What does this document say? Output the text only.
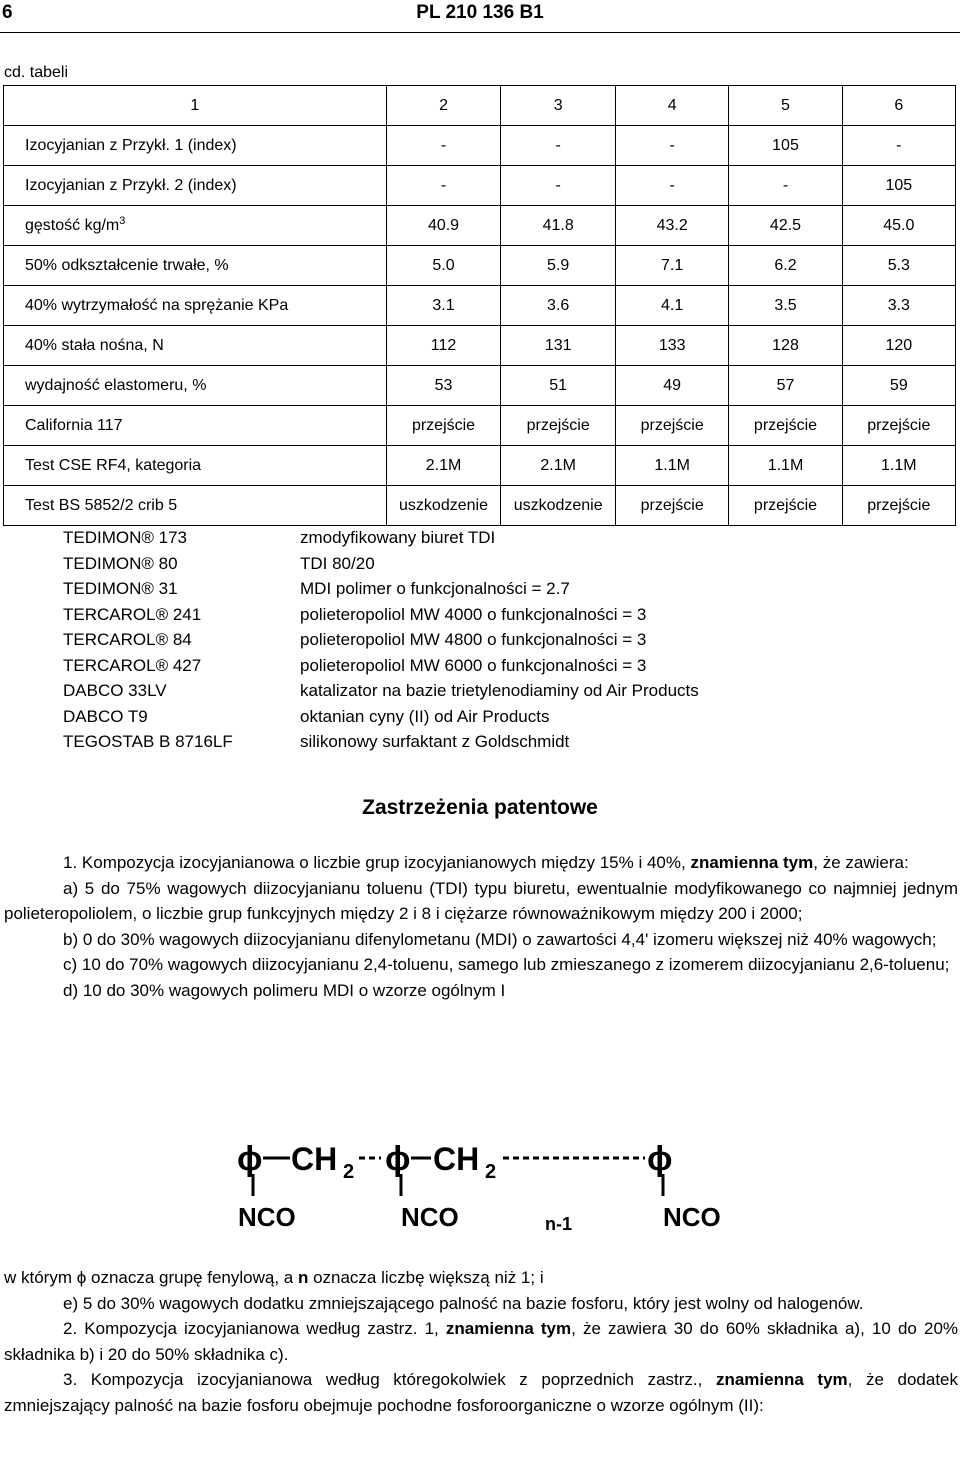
6	PL 210 136 B1
cd. tabeli
1	2	3	4	5	6
Izocyjanian z Przykł. 1 (index)	-	-	-	105	-
Izocyjanian z Przykł. 2 (index)	-	-	-	-	105
gęstość $kg/m^3$	40.9	41.8	43.2	42.5	45.0
50% odkształcenie trwałe, %	5.0	5.9	7.1	6.2	5.3
40% wytrzymałość na sprężanie KPa	3.1	3.6	4.1	3.5	3.3
40% stała nośna, N	112	131	133	128	120
wydajność elastomeru, %	53	51	49	57	59
California 117	przejście	przejście	przejście	przejście	przejście
Test CSE RF4, kategoria	2.1M	2.1M	1.1M	1.1M	1.1M
Test BS 5852/2 crib 5	uszkodzenie	uszkodzenie	przejście	przejście	przejście
TEDIMON® 173	zmodyfikowany biuret TDI
TEDIMON® 80	TDI 80/20
TEDIMON® 31	MDI polimer o funkcjonalności = 2.7
TERCAROL® 241	polieteropoliol MW 4000 o funkcjonalności = 3
TERCAROL® 84	polieteropoliol MW 4800 o funkcjonalności = 3
TERCAROL® 427	polieteropoliol MW 6000 o funkcjonalności = 3
DABCO 33LV	katalizator na bazie trietylenodiaminy od Air Products
DABCO T9	oktanian cyny (II) od Air Products
TEGOSTAB B 8716LF	silikonowy surfaktant z Goldschmidt
Zastrzeżenia patentowe

1. Kompozycja izocyjanianowa o liczbie grup izocyjanianowych między 15% i 40%, znamienna tym, że zawiera:

a) 5 do 75% wagowych diizocyjanianu toluenu (TDI) typu biuretu, ewentualnie modyfikowanego co najmniej jednym polieteropoliolem, o liczbie grup funkcyjnych między 2 i 8 i ciężarze równoważnikowym między 200 i 2000;

b) 0 do 30% wagowych diizocyjanianu difenylometanu (MDI) o zawartości 4,4' izomeru większej niż 40% wagowych;

c) 10 do 70% wagowych diizocyjanianu 2,4-toluenu, samego lub zmieszanego z izomerem diizocyjanianu 2,6-toluenu;

d) 10 do 30% wagowych polimeru MDI o wzorze ogólnym I

ϕ CH 2 ϕ CH 2	ϕ
NCO	NCO	NCO
n-1

w którym ϕ oznacza grupę fenylową, a n oznacza liczbę większą niż 1; i

e) 5 do 30% wagowych dodatku zmniejszającego palność na bazie fosforu, który jest wolny od halogenów.

2. Kompozycja izocyjanianowa według zastrz. 1, znamienna tym, że zawiera 30 do 60% składnika a), 10 do 20% składnika b) i 20 do 50% składnika c).

3. Kompozycja izocyjanianowa według któregokolwiek z poprzednich zastrz., znamienna tym, że dodatek zmniejszający palność na bazie fosforu obejmuje pochodne fosforoorganiczne o wzorze ogólnym (II):
